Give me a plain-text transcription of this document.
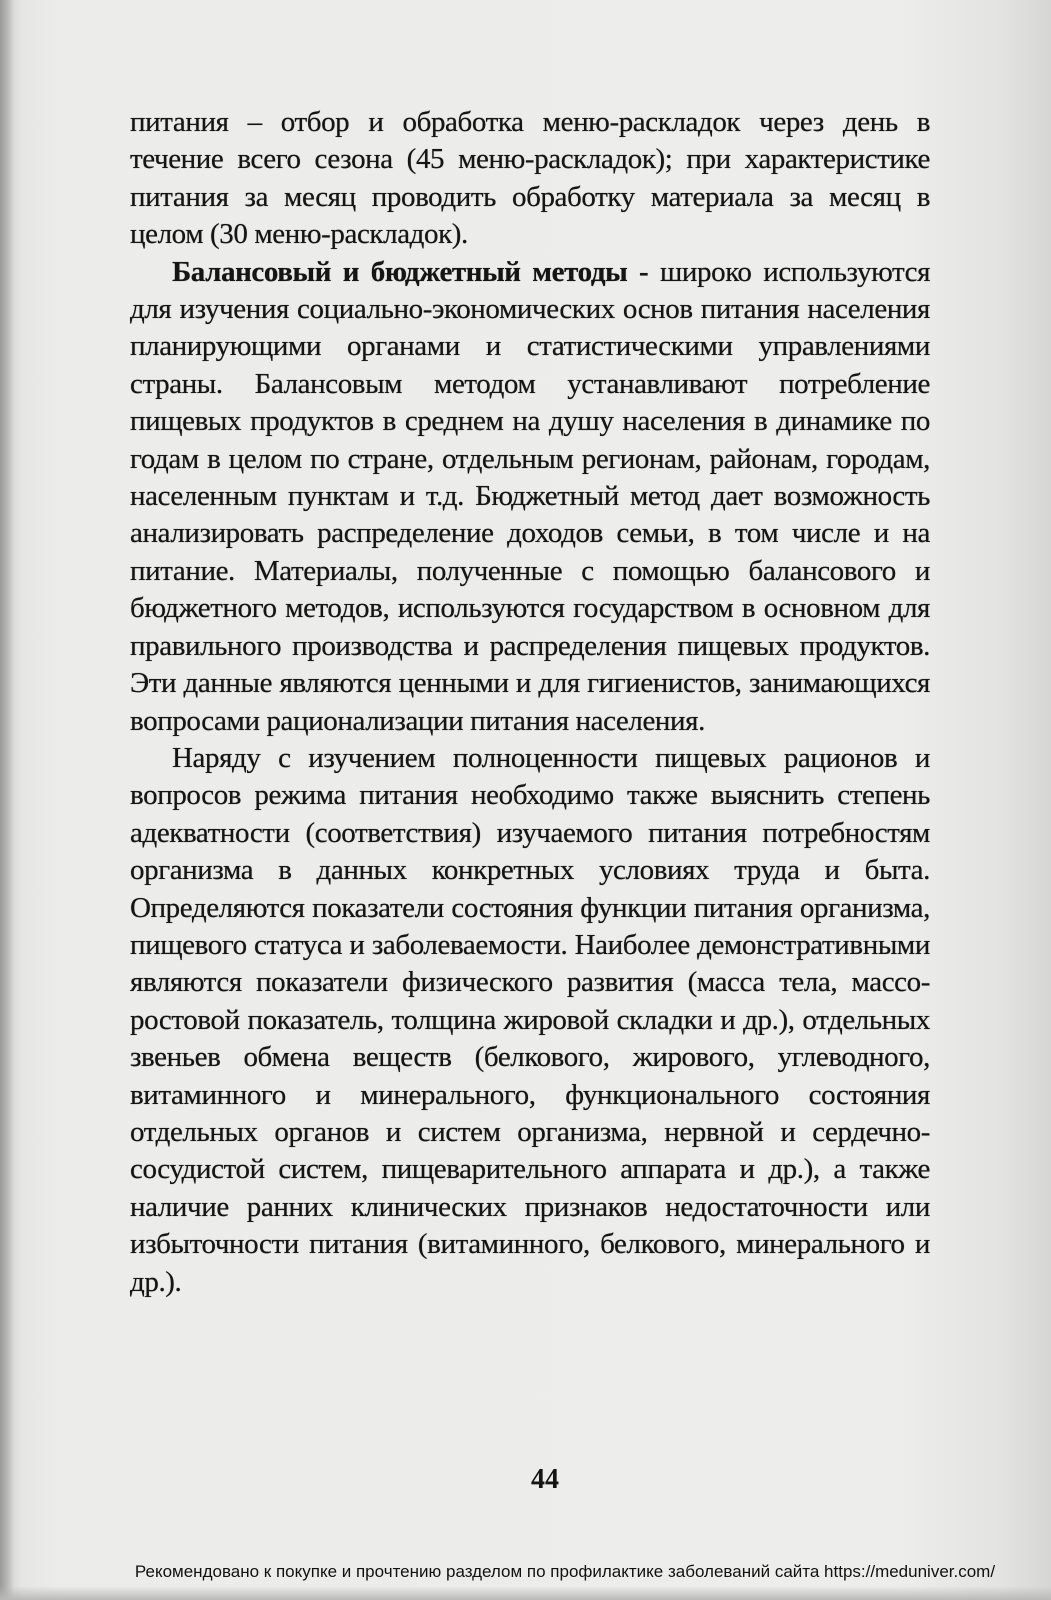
питания – отбор и обработка меню-раскладок через день в течение всего сезона (45 меню-раскладок); при характеристике питания за месяц проводить обработку материала за месяц в целом (30 меню-раскладок).

Балансовый и бюджетный методы - широко используются для изучения социально-экономических основ питания населения планирующими органами и статистическими управлениями страны. Балансовым методом устанавливают потребление пищевых продуктов в среднем на душу населения в динамике по годам в целом по стране, отдельным регионам, районам, городам, населенным пунктам и т.д. Бюджетный метод дает возможность анализировать распределение доходов семьи, в том числе и на питание. Материалы, полученные с помощью балансового и бюджетного методов, используются государством в основном для правильного производства и распределения пищевых продуктов. Эти данные являются ценными и для гигиенистов, занимающихся вопросами рационализации питания населения.

Наряду с изучением полноценности пищевых рационов и вопросов режима питания необходимо также выяснить степень адекватности (соответствия) изучаемого питания потребностям организма в данных конкретных условиях труда и быта. Определяются показатели состояния функции питания организма, пищевого статуса и заболеваемости. Наиболее демонстративными являются показатели физического развития (масса тела, массо-ростовой показатель, толщина жировой складки и др.), отдельных звеньев обмена веществ (белкового, жирового, углеводного, витаминного и минерального, функционального состояния отдельных органов и систем организма, нервной и сердечно-сосудистой систем, пищеварительного аппарата и др.), а также наличие ранних клинических признаков недостаточности или избыточности питания (витаминного, белкового, минерального и др.).

44
Рекомендовано к покупке и прочтению разделом по профилактике заболеваний сайта https://meduniver.com/
